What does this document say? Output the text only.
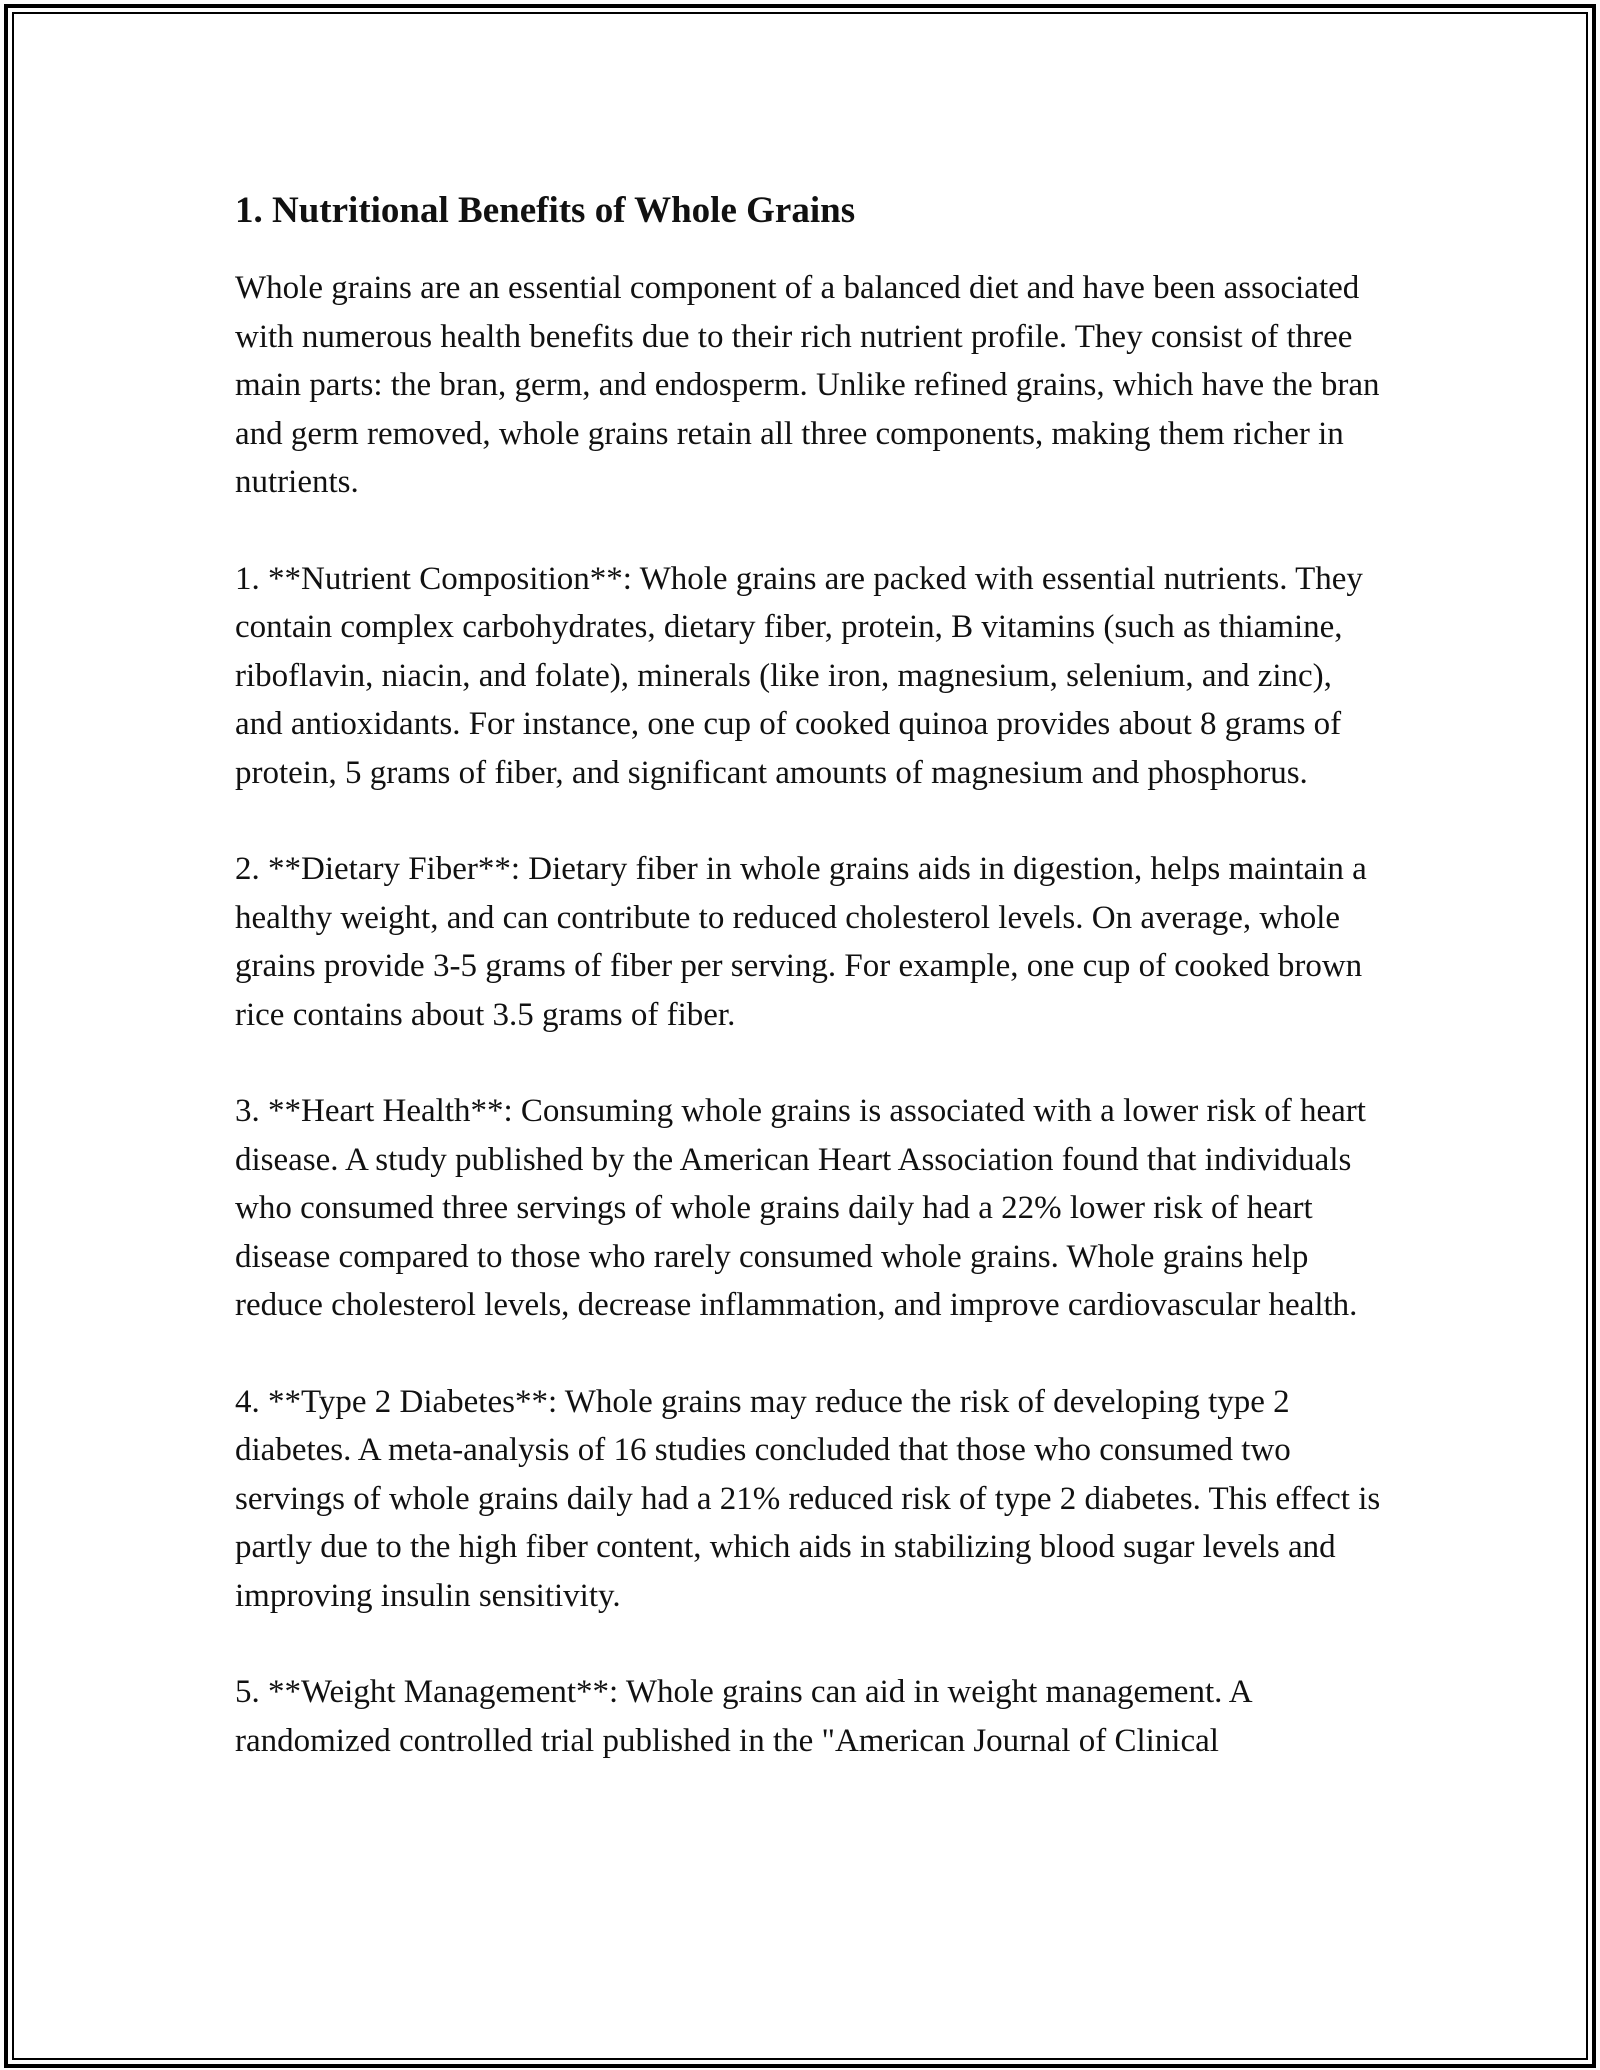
1. Nutritional Benefits of Whole Grains

Whole grains are an essential component of a balanced diet and have been associated with numerous health benefits due to their rich nutrient profile. They consist of three main parts: the bran, germ, and endosperm. Unlike refined grains, which have the bran and germ removed, whole grains retain all three components, making them richer in nutrients.

1. **Nutrient Composition**: Whole grains are packed with essential nutrients. They contain complex carbohydrates, dietary fiber, protein, B vitamins (such as thiamine, riboflavin, niacin, and folate), minerals (like iron, magnesium, selenium, and zinc), and antioxidants. For instance, one cup of cooked quinoa provides about 8 grams of protein, 5 grams of fiber, and significant amounts of magnesium and phosphorus.

2. **Dietary Fiber**: Dietary fiber in whole grains aids in digestion, helps maintain a healthy weight, and can contribute to reduced cholesterol levels. On average, whole grains provide 3-5 grams of fiber per serving. For example, one cup of cooked brown rice contains about 3.5 grams of fiber.

3. **Heart Health**: Consuming whole grains is associated with a lower risk of heart disease. A study published by the American Heart Association found that individuals who consumed three servings of whole grains daily had a 22% lower risk of heart disease compared to those who rarely consumed whole grains. Whole grains help reduce cholesterol levels, decrease inflammation, and improve cardiovascular health.

4. **Type 2 Diabetes**: Whole grains may reduce the risk of developing type 2 diabetes. A meta-analysis of 16 studies concluded that those who consumed two servings of whole grains daily had a 21% reduced risk of type 2 diabetes. This effect is partly due to the high fiber content, which aids in stabilizing blood sugar levels and improving insulin sensitivity.

5. **Weight Management**: Whole grains can aid in weight management. A randomized controlled trial published in the "American Journal of Clinical
